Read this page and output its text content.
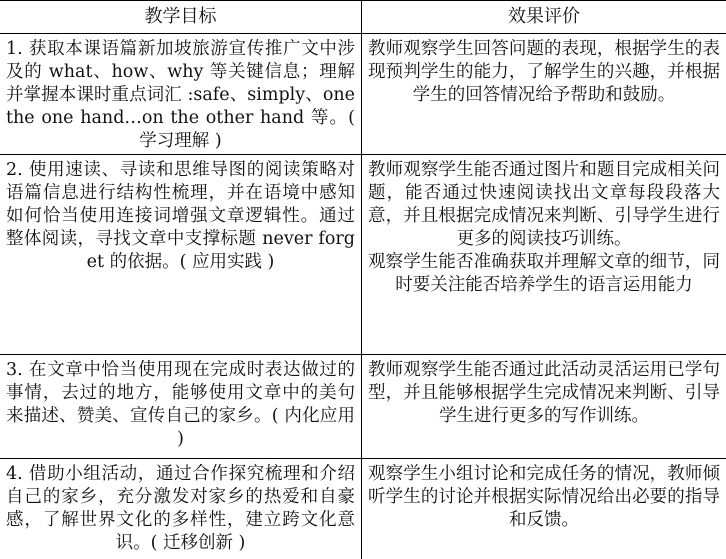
教学目标	效果评价
1. 获取本课语篇新加坡旅游宣传推广文中涉及的 what、how、why 等关键信息；理解并掌握本课时重点词汇 :safe、simply、one the one hand…on the other hand 等。( 学习理解 )
教师观察学生回答问题的表现，根据学生的表现预判学生的能力，了解学生的兴趣，并根据学生的回答情况给予帮助和鼓励。
2. 使用速读、寻读和思维导图的阅读策略对语篇信息进行结构性梳理，并在语境中感知如何恰当使用连接词增强文章逻辑性。通过整体阅读，寻找文章中支撑标题 never forget 的依据。( 应用实践 )
教师观察学生能否通过图片和题目完成相关问题，能否通过快速阅读找出文章每段段落大意，并且根据完成情况来判断、引导学生进行更多的阅读技巧训练。
观察学生能否准确获取并理解文章的细节，同时要关注能否培养学生的语言运用能力
3. 在文章中恰当使用现在完成时表达做过的事情，去过的地方，能够使用文章中的美句来描述、赞美、宣传自己的家乡。( 内化应用 )
教师观察学生能否通过此活动灵活运用已学句型，并且能够根据学生完成情况来判断、引导学生进行更多的写作训练。
4. 借助小组活动，通过合作探究梳理和介绍自己的家乡，充分激发对家乡的热爱和自豪感，了解世界文化的多样性，建立跨文化意识。( 迁移创新 )
观察学生小组讨论和完成任务的情况，教师倾听学生的讨论并根据实际情况给出必要的指导和反馈。
